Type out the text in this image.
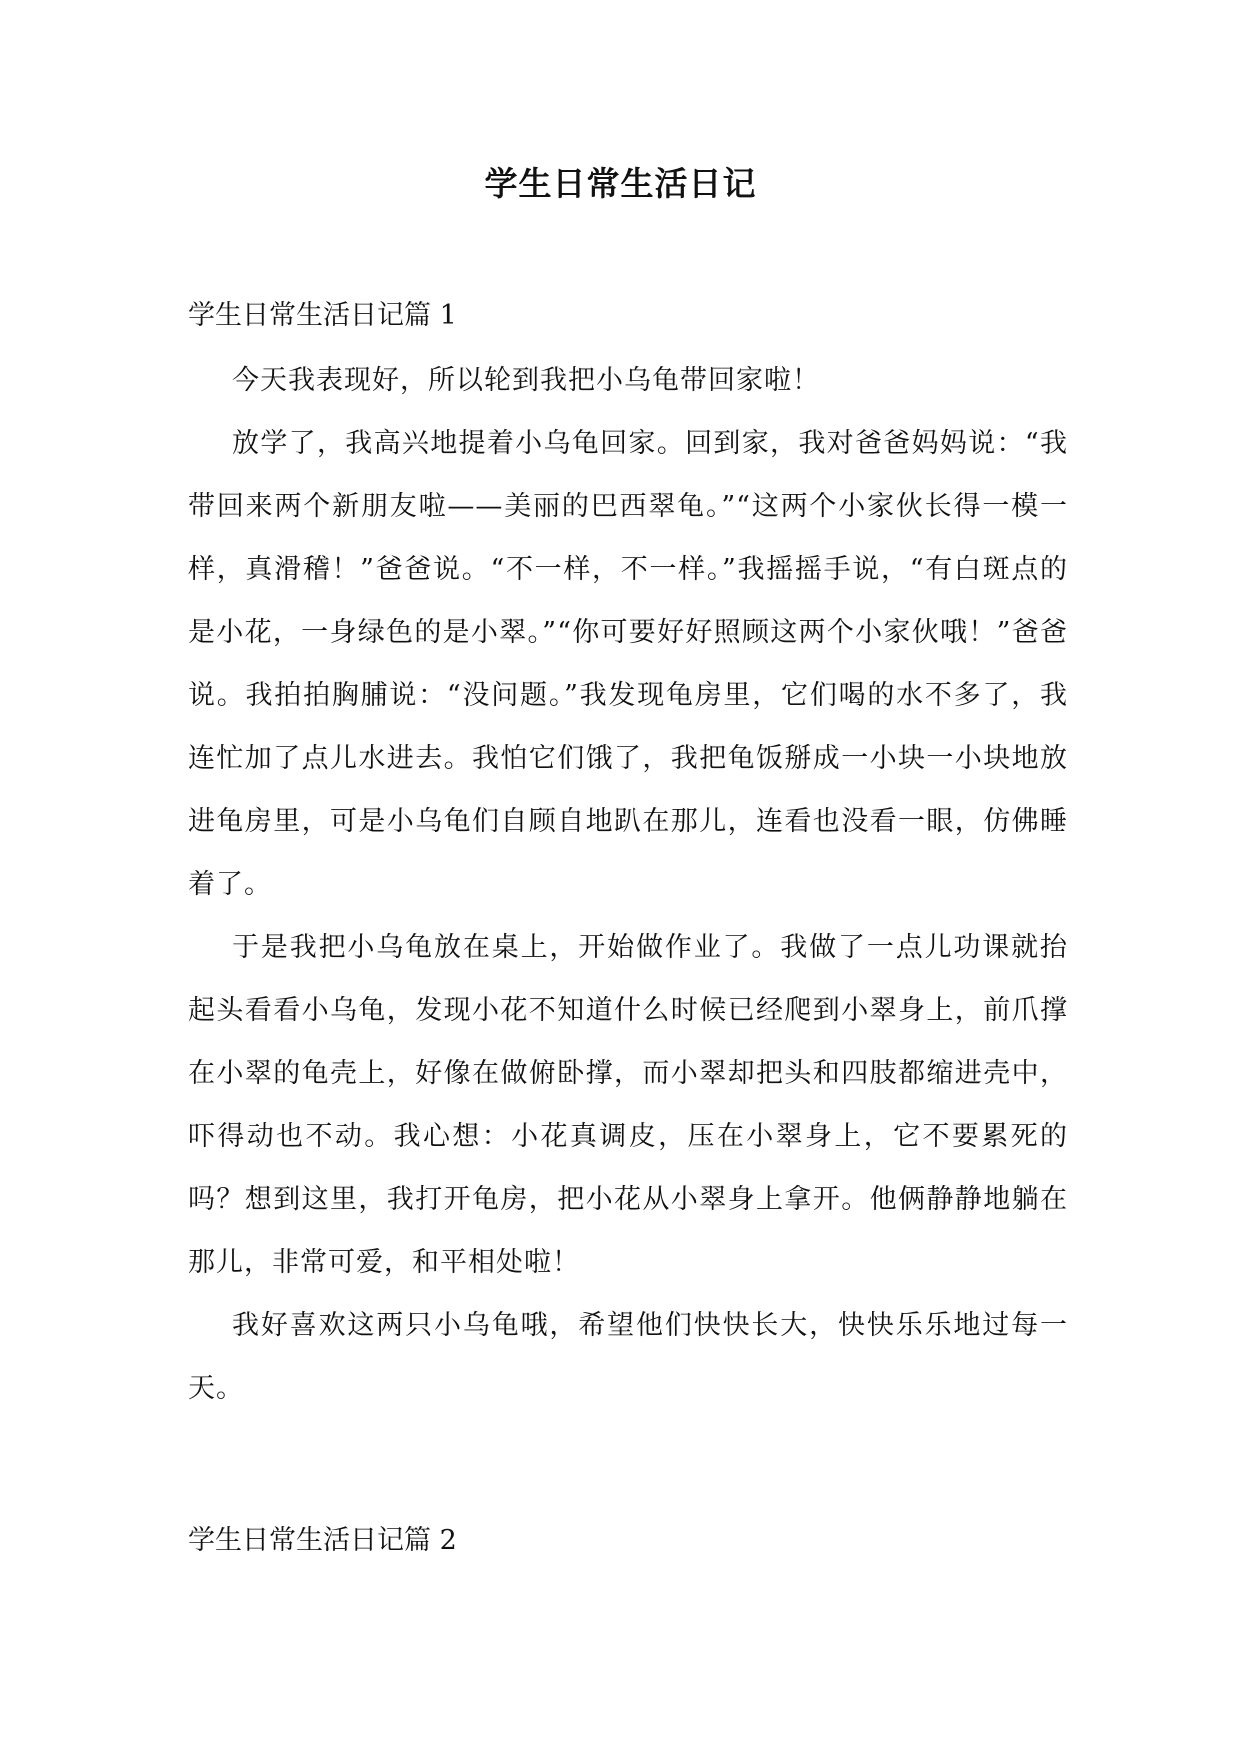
学生日常生活日记
学生日常生活日记篇 1

今天我表现好，所以轮到我把小乌龟带回家啦！

放学了，我高兴地提着小乌龟回家。回到家，我对爸爸妈妈说：“我带回来两个新朋友啦——美丽的巴西翠龟。”“这两个小家伙长得一模一样，真滑稽！”爸爸说。“不一样，不一样。”我摇摇手说，“有白斑点的是小花，一身绿色的是小翠。”“你可要好好照顾这两个小家伙哦！”爸爸说。我拍拍胸脯说：“没问题。”我发现龟房里，它们喝的水不多了，我连忙加了点儿水进去。我怕它们饿了，我把龟饭掰成一小块一小块地放进龟房里，可是小乌龟们自顾自地趴在那儿，连看也没看一眼，仿佛睡着了。

于是我把小乌龟放在桌上，开始做作业了。我做了一点儿功课就抬起头看看小乌龟，发现小花不知道什么时候已经爬到小翠身上，前爪撑在小翠的龟壳上，好像在做俯卧撑，而小翠却把头和四肢都缩进壳中，吓得动也不动。我心想：小花真调皮，压在小翠身上，它不要累死的吗？想到这里，我打开龟房，把小花从小翠身上拿开。他俩静静地躺在那儿，非常可爱，和平相处啦！

我好喜欢这两只小乌龟哦，希望他们快快长大，快快乐乐地过每一天。

学生日常生活日记篇 2
